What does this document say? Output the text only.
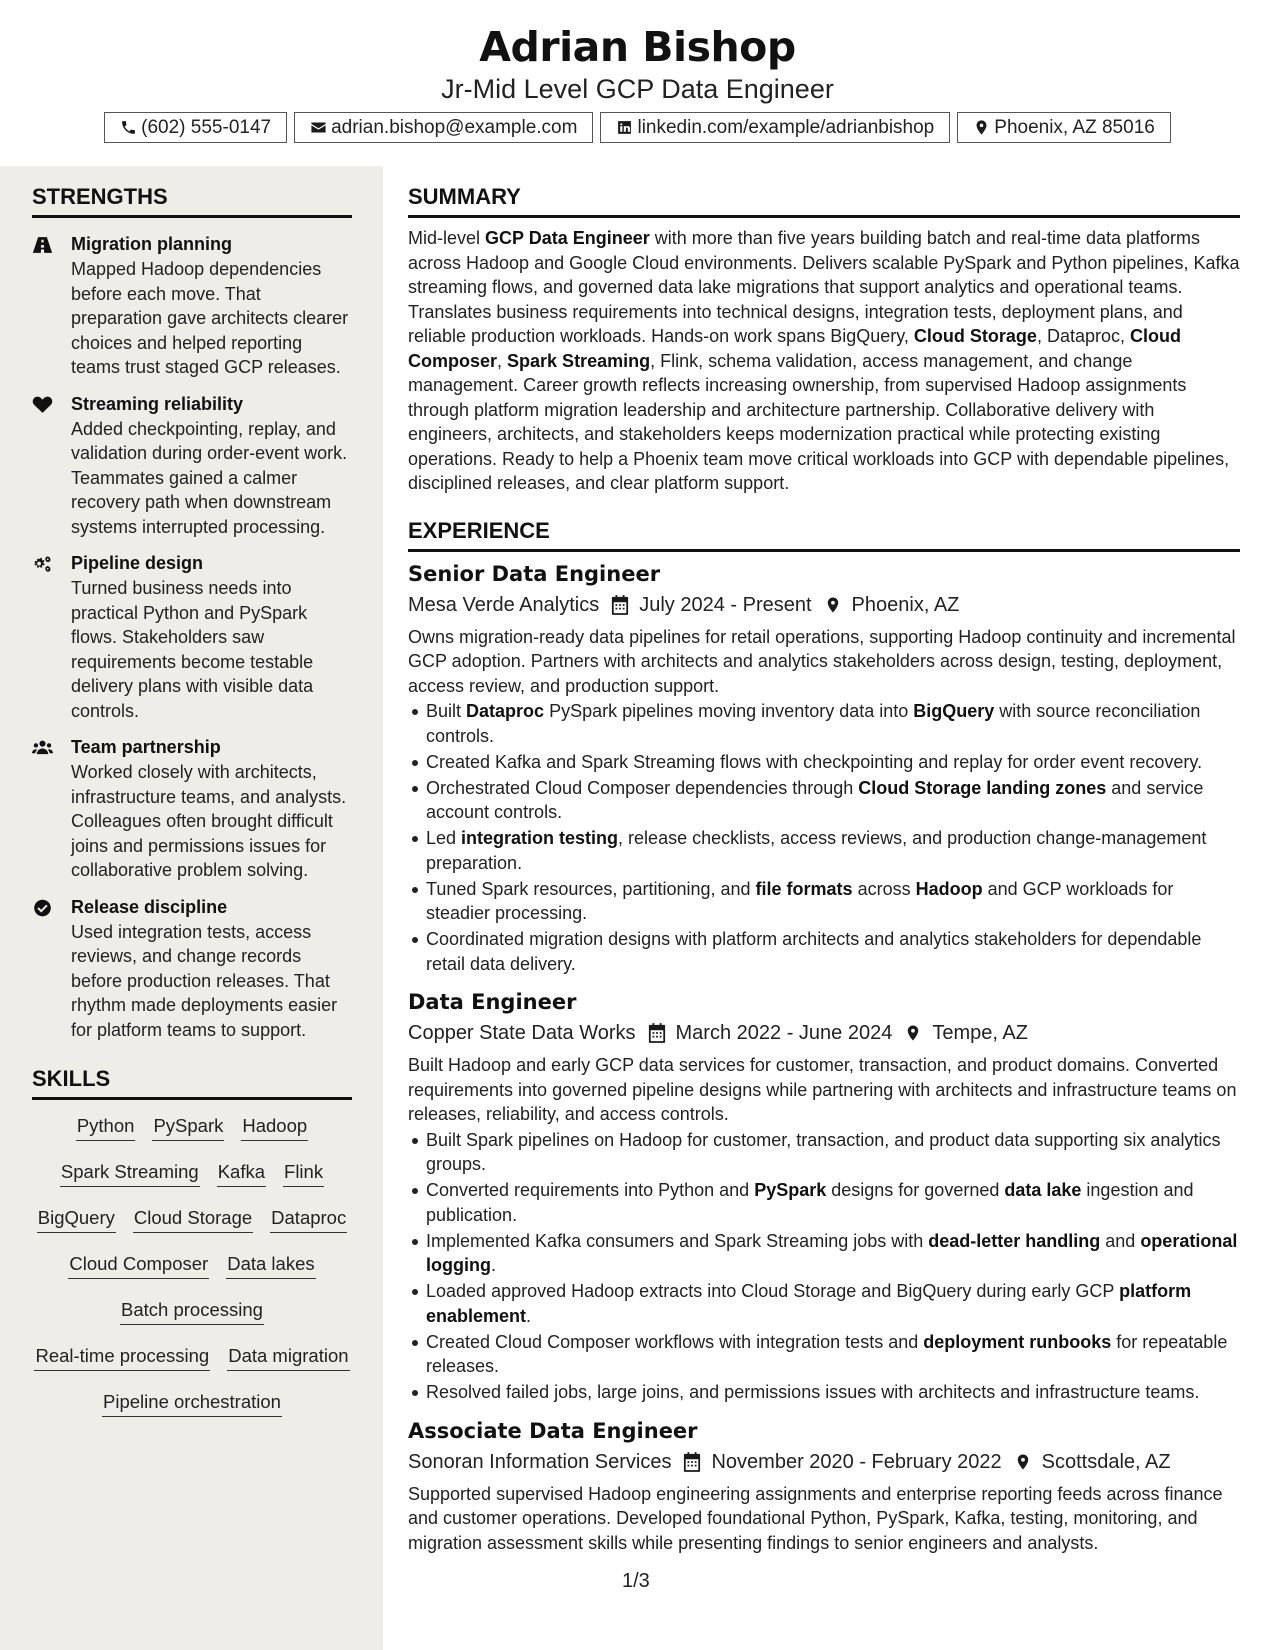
Adrian Bishop
Jr-Mid Level GCP Data Engineer
(602) 555-0147	adrian.bishop@example.com	linkedin.com/example/adrianbishop	Phoenix, AZ 85016
STRENGTHS
Migration planning
Mapped Hadoop dependencies before each move. That preparation gave architects clearer choices and helped reporting teams trust staged GCP releases.
Streaming reliability
Added checkpointing, replay, and validation during order-event work. Teammates gained a calmer recovery path when downstream systems interrupted processing.
Pipeline design
Turned business needs into practical Python and PySpark flows. Stakeholders saw requirements become testable delivery plans with visible data controls.
Team partnership
Worked closely with architects, infrastructure teams, and analysts. Colleagues often brought difficult joins and permissions issues for collaborative problem solving.
Release discipline
Used integration tests, access reviews, and change records before production releases. That rhythm made deployments easier for platform teams to support.
SKILLS
Python PySpark Hadoop
Spark Streaming Kafka Flink
BigQuery Cloud Storage Dataproc
Cloud Composer Data lakes
Batch processing
Real-time processing Data migration
Pipeline orchestration
SUMMARY
Mid-level GCP Data Engineer with more than five years building batch and real-time data platforms across Hadoop and Google Cloud environments. Delivers scalable PySpark and Python pipelines, Kafka streaming flows, and governed data lake migrations that support analytics and operational teams. Translates business requirements into technical designs, integration tests, deployment plans, and reliable production workloads. Hands-on work spans BigQuery, Cloud Storage, Dataproc, Cloud Composer, Spark Streaming, Flink, schema validation, access management, and change management. Career growth reflects increasing ownership, from supervised Hadoop assignments through platform migration leadership and architecture partnership. Collaborative delivery with engineers, architects, and stakeholders keeps modernization practical while protecting existing operations. Ready to help a Phoenix team move critical workloads into GCP with dependable pipelines, disciplined releases, and clear platform support.
EXPERIENCE
Senior Data Engineer
Mesa Verde Analytics July 2024 - Present Phoenix, AZ
Owns migration-ready data pipelines for retail operations, supporting Hadoop continuity and incremental GCP adoption. Partners with architects and analytics stakeholders across design, testing, deployment, access review, and production support.
Built Dataproc PySpark pipelines moving inventory data into BigQuery with source reconciliation controls.
Created Kafka and Spark Streaming flows with checkpointing and replay for order event recovery.
Orchestrated Cloud Composer dependencies through Cloud Storage landing zones and service account controls.
Led integration testing, release checklists, access reviews, and production change-management preparation.
Tuned Spark resources, partitioning, and file formats across Hadoop and GCP workloads for steadier processing.
Coordinated migration designs with platform architects and analytics stakeholders for dependable retail data delivery.
Data Engineer
Copper State Data Works March 2022 - June 2024 Tempe, AZ
Built Hadoop and early GCP data services for customer, transaction, and product domains. Converted requirements into governed pipeline designs while partnering with architects and infrastructure teams on releases, reliability, and access controls.
Built Spark pipelines on Hadoop for customer, transaction, and product data supporting six analytics groups.
Converted requirements into Python and PySpark designs for governed data lake ingestion and publication.
Implemented Kafka consumers and Spark Streaming jobs with dead-letter handling and operational logging.
Loaded approved Hadoop extracts into Cloud Storage and BigQuery during early GCP platform enablement.
Created Cloud Composer workflows with integration tests and deployment runbooks for repeatable releases.
Resolved failed jobs, large joins, and permissions issues with architects and infrastructure teams.
Associate Data Engineer
Sonoran Information Services November 2020 - February 2022 Scottsdale, AZ
Supported supervised Hadoop engineering assignments and enterprise reporting feeds across finance and customer operations. Developed foundational Python, PySpark, Kafka, testing, monitoring, and migration assessment skills while presenting findings to senior engineers and analysts.
1/3
